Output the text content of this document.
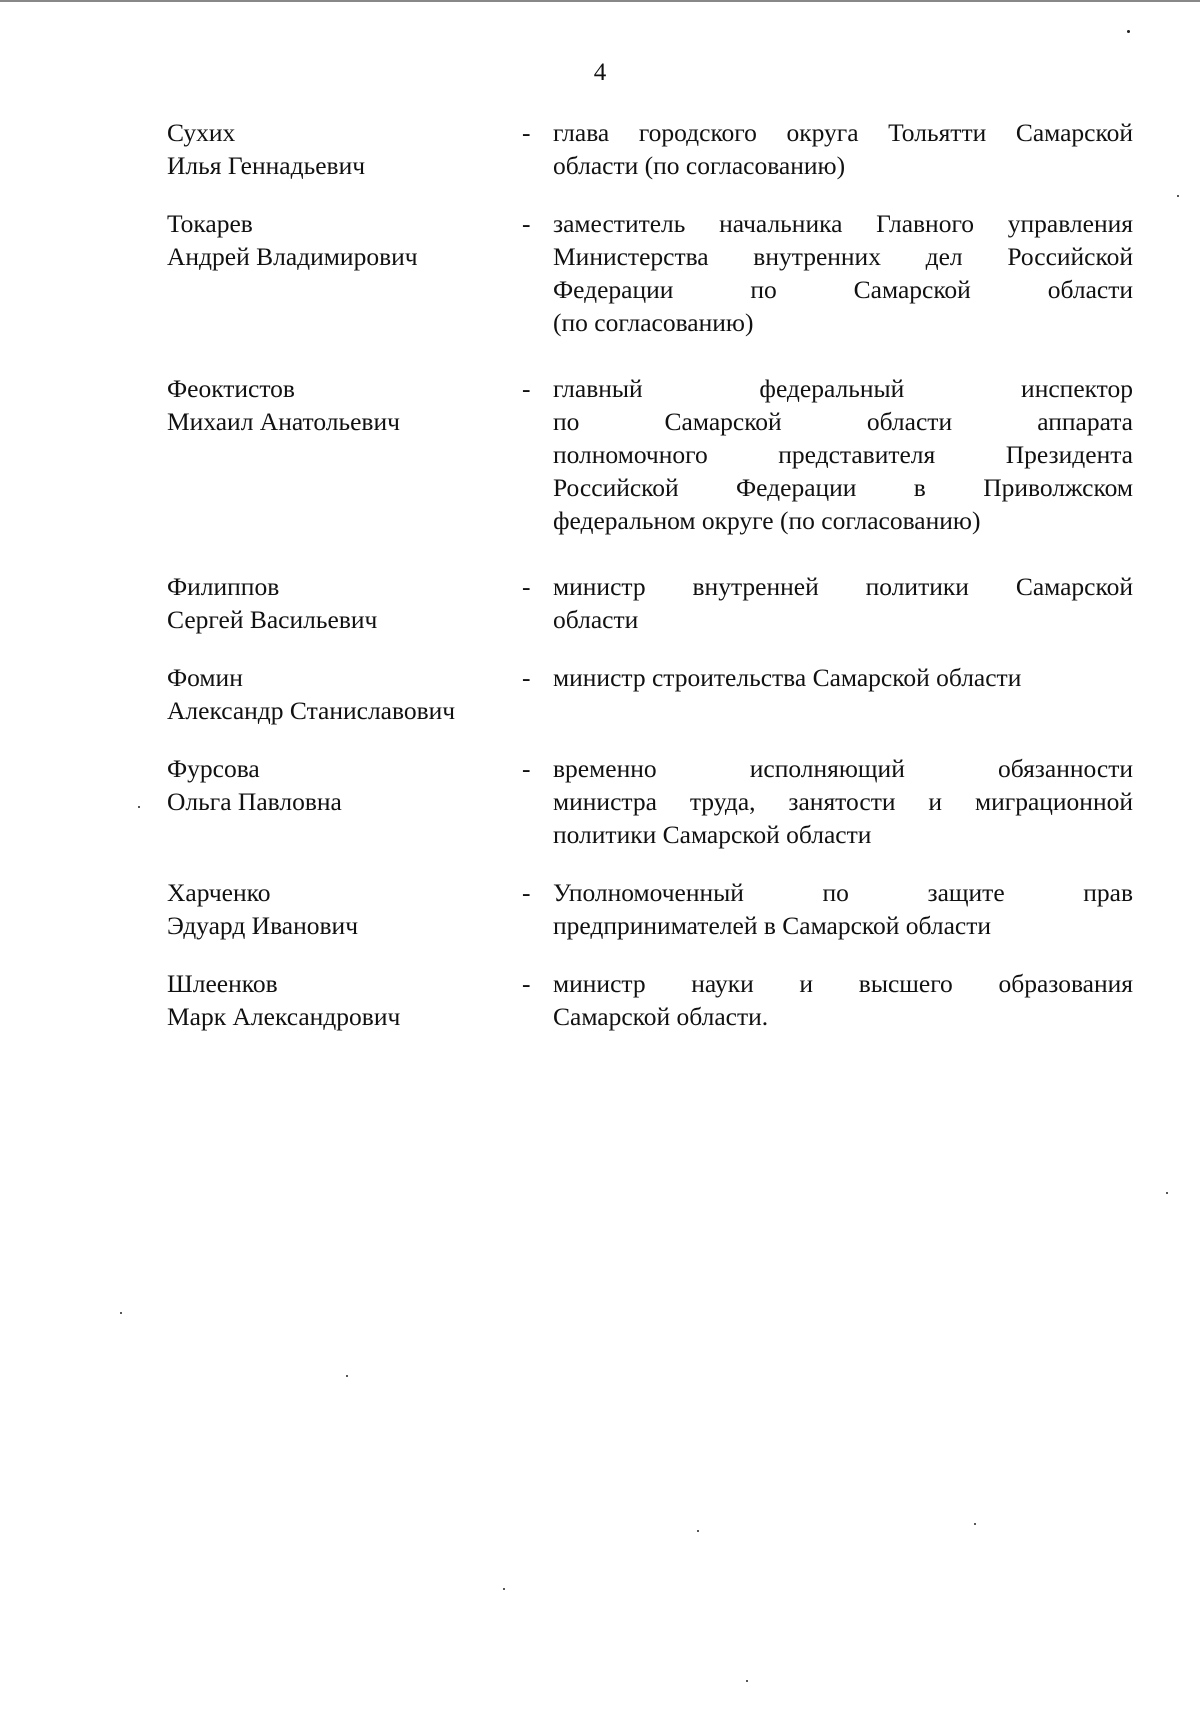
4
Сухих
Илья Геннадьевич
- глава городского округа Тольятти Самарской
области (по согласованию)
Токарев
Андрей Владимирович
- заместитель начальника Главного управления
Министерства внутренних дел Российской
Федерации по Самарской области
(по согласованию)
Феоктистов
Михаил Анатольевич
- главный федеральный инспектор
по Самарской области аппарата
полномочного представителя Президента
Российской Федерации в Приволжском
федеральном округе (по согласованию)
Филиппов
Сергей Васильевич
- министр внутренней политики Самарской
области
Фомин
Александр Станиславович
- министр строительства Самарской области
Фурсова
Ольга Павловна
- временно исполняющий обязанности
министра труда, занятости и миграционной
политики Самарской области
Харченко
Эдуард Иванович
- Уполномоченный по защите прав
предпринимателей в Самарской области
Шлеенков
Марк Александрович
- министр науки и высшего образования
Самарской области.
